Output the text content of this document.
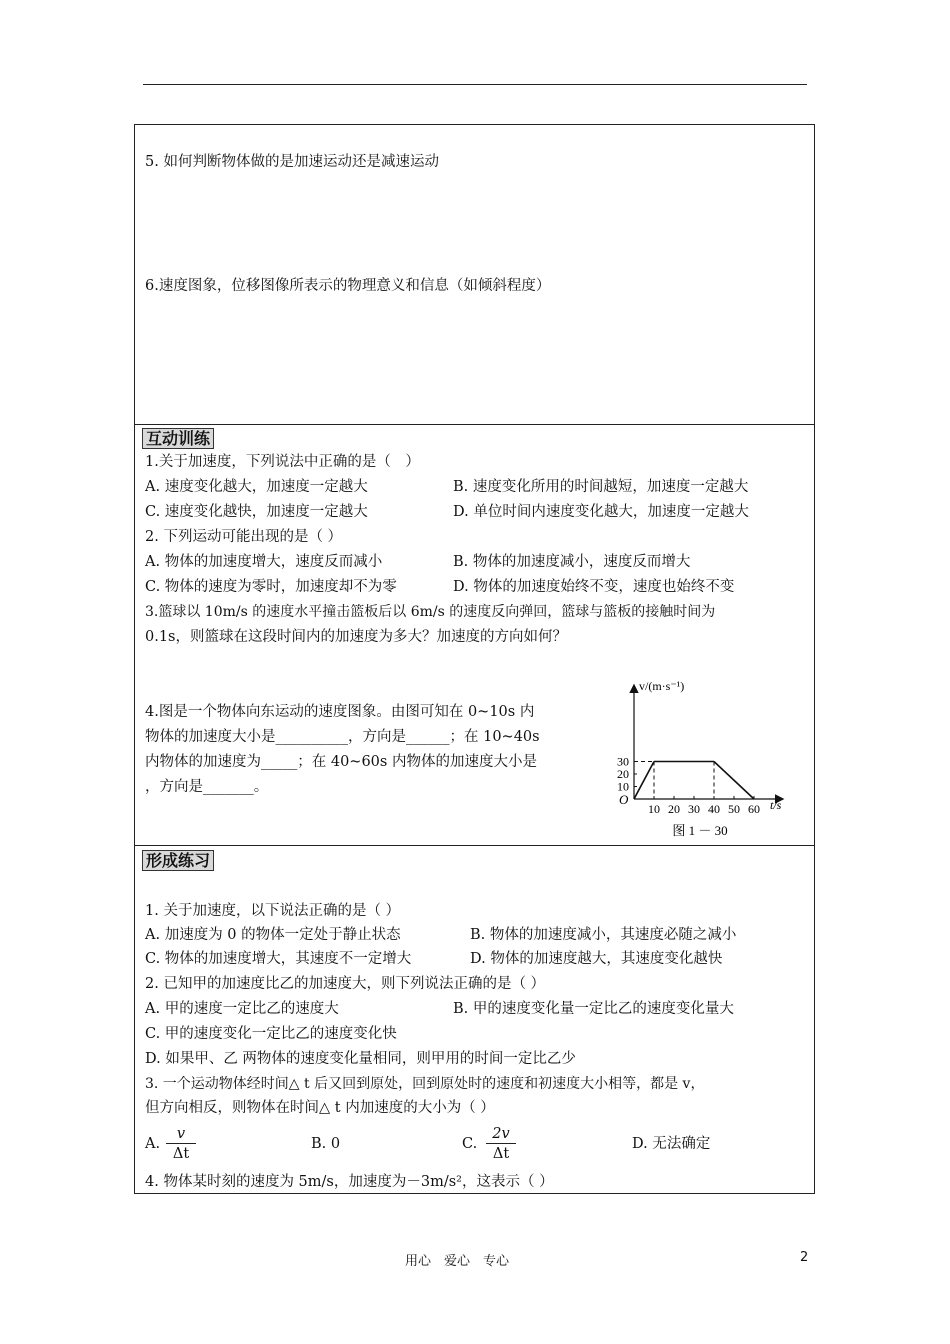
5. 如何判断物体做的是加速运动还是减速运动
6.速度图象，位移图像所表示的物理意义和信息（如倾斜程度）
互动训练
1.关于加速度，下列说法中正确的是（　）
A. 速度变化越大，加速度一定越大	B. 速度变化所用的时间越短，加速度一定越大
C. 速度变化越快，加速度一定越大	D. 单位时间内速度变化越大，加速度一定越大
2. 下列运动可能出现的是（ ）
A. 物体的加速度增大，速度反而减小	B. 物体的加速度减小，速度反而增大
C. 物体的速度为零时，加速度却不为零	D. 物体的加速度始终不变，速度也始终不变
3.篮球以 10m/s 的速度水平撞击篮板后以 6m/s 的速度反向弹回，篮球与篮板的接触时间为
0.1s，则篮球在这段时间内的加速度为多大？加速度的方向如何？
4.图是一个物体向东运动的速度图象。由图可知在 0~10s 内
物体的加速度大小是__________，方向是______；在 10~40s
内物体的加速度为_____；在 40~60s 内物体的加速度大小是
，方向是_______。
v/(m·s⁻¹)
t/s
O
10 20 30 40 50 60
10
20
30
图 1 － 30
形成练习
1. 关于加速度，以下说法正确的是（ ）
A. 加速度为 0 的物体一定处于静止状态	B. 物体的加速度减小，其速度必随之减小
C. 物体的加速度增大，其速度不一定增大	D. 物体的加速度越大，其速度变化越快
2. 已知甲的加速度比乙的加速度大，则下列说法正确的是（ ）
A. 甲的速度一定比乙的速度大	B. 甲的速度变化量一定比乙的速度变化量大
C. 甲的速度变化一定比乙的速度变化快
D. 如果甲、乙 两物体的速度变化量相同，则甲用的时间一定比乙少
3. 一个运动物体经时间△ t 后又回到原处，回到原处时的速度和初速度大小相等，都是 v，
但方向相反，则物体在时间△ t 内加速度的大小为（ ）
A. $\frac{v}{\Delta t}$	B. 0	C. $\frac{2v}{\Delta t}$	D. 无法确定
4. 物体某时刻的速度为 5m/s，加速度为－3m/s²，这表示（ ）
用心　爱心　专心	2
